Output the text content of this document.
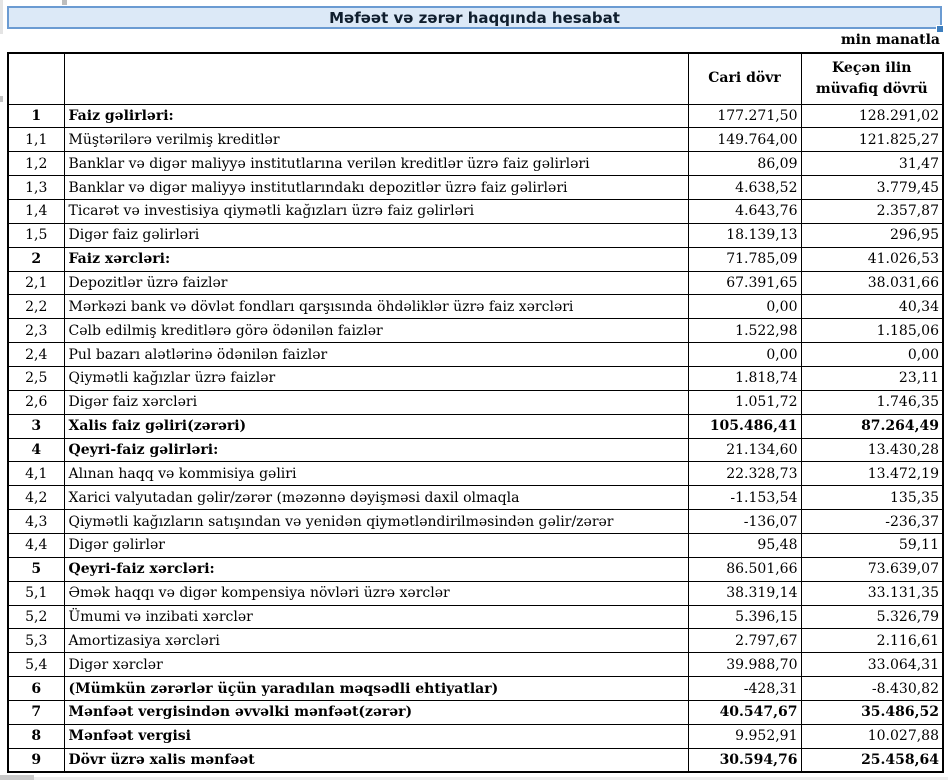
Məfəət və zərər haqqında hesabat
min manatla
		Cari dövr	Keçən ilin müvafiq dövrü
1	Faiz gəlirləri:	177.271,50	128.291,02
1,1	Müştərilərə verilmiş kreditlər	149.764,00	121.825,27
1,2	Banklar və digər maliyyə institutlarına verilən kreditlər üzrə faiz gəlirləri	86,09	31,47
1,3	Banklar və digər maliyyə institutlarındakı depozitlər üzrə faiz gəlirləri	4.638,52	3.779,45
1,4	Ticarət və investisiya qiymətli kağızları üzrə faiz gəlirləri	4.643,76	2.357,87
1,5	Digər faiz gəlirləri	18.139,13	296,95
2	Faiz xərcləri:	71.785,09	41.026,53
2,1	Depozitlər üzrə faizlər	67.391,65	38.031,66
2,2	Mərkəzi bank və dövlət fondları qarşısında öhdəliklər üzrə faiz xərcləri	0,00	40,34
2,3	Cəlb edilmiş kreditlərə görə ödənilən faizlər	1.522,98	1.185,06
2,4	Pul bazarı alətlərinə ödənilən faizlər	0,00	0,00
2,5	Qiymətli kağızlar üzrə faizlər	1.818,74	23,11
2,6	Digər faiz xərcləri	1.051,72	1.746,35
3	Xalis faiz gəliri(zərəri)	105.486,41	87.264,49
4	Qeyri-faiz gəlirləri:	21.134,60	13.430,28
4,1	Alınan haqq və kommisiya gəliri	22.328,73	13.472,19
4,2	Xarici valyutadan gəlir/zərər (məzənnə dəyişməsi daxil olmaqla	-1.153,54	135,35
4,3	Qiymətli kağızların satışından və yenidən qiymətləndirilməsindən gəlir/zərər	-136,07	-236,37
4,4	Digər gəlirlər	95,48	59,11
5	Qeyri-faiz xərcləri:	86.501,66	73.639,07
5,1	Əmək haqqı və digər kompensiya növləri üzrə xərclər	38.319,14	33.131,35
5,2	Ümumi və inzibati xərclər	5.396,15	5.326,79
5,3	Amortizasiya xərcləri	2.797,67	2.116,61
5,4	Digər xərclər	39.988,70	33.064,31
6	(Mümkün zərərlər üçün yaradılan məqsədli ehtiyatlar)	-428,31	-8.430,82
7	Mənfəət vergisindən əvvəlki mənfəət(zərər)	40.547,67	35.486,52
8	Mənfəət vergisi	9.952,91	10.027,88
9	Dövr üzrə xalis mənfəət	30.594,76	25.458,64
